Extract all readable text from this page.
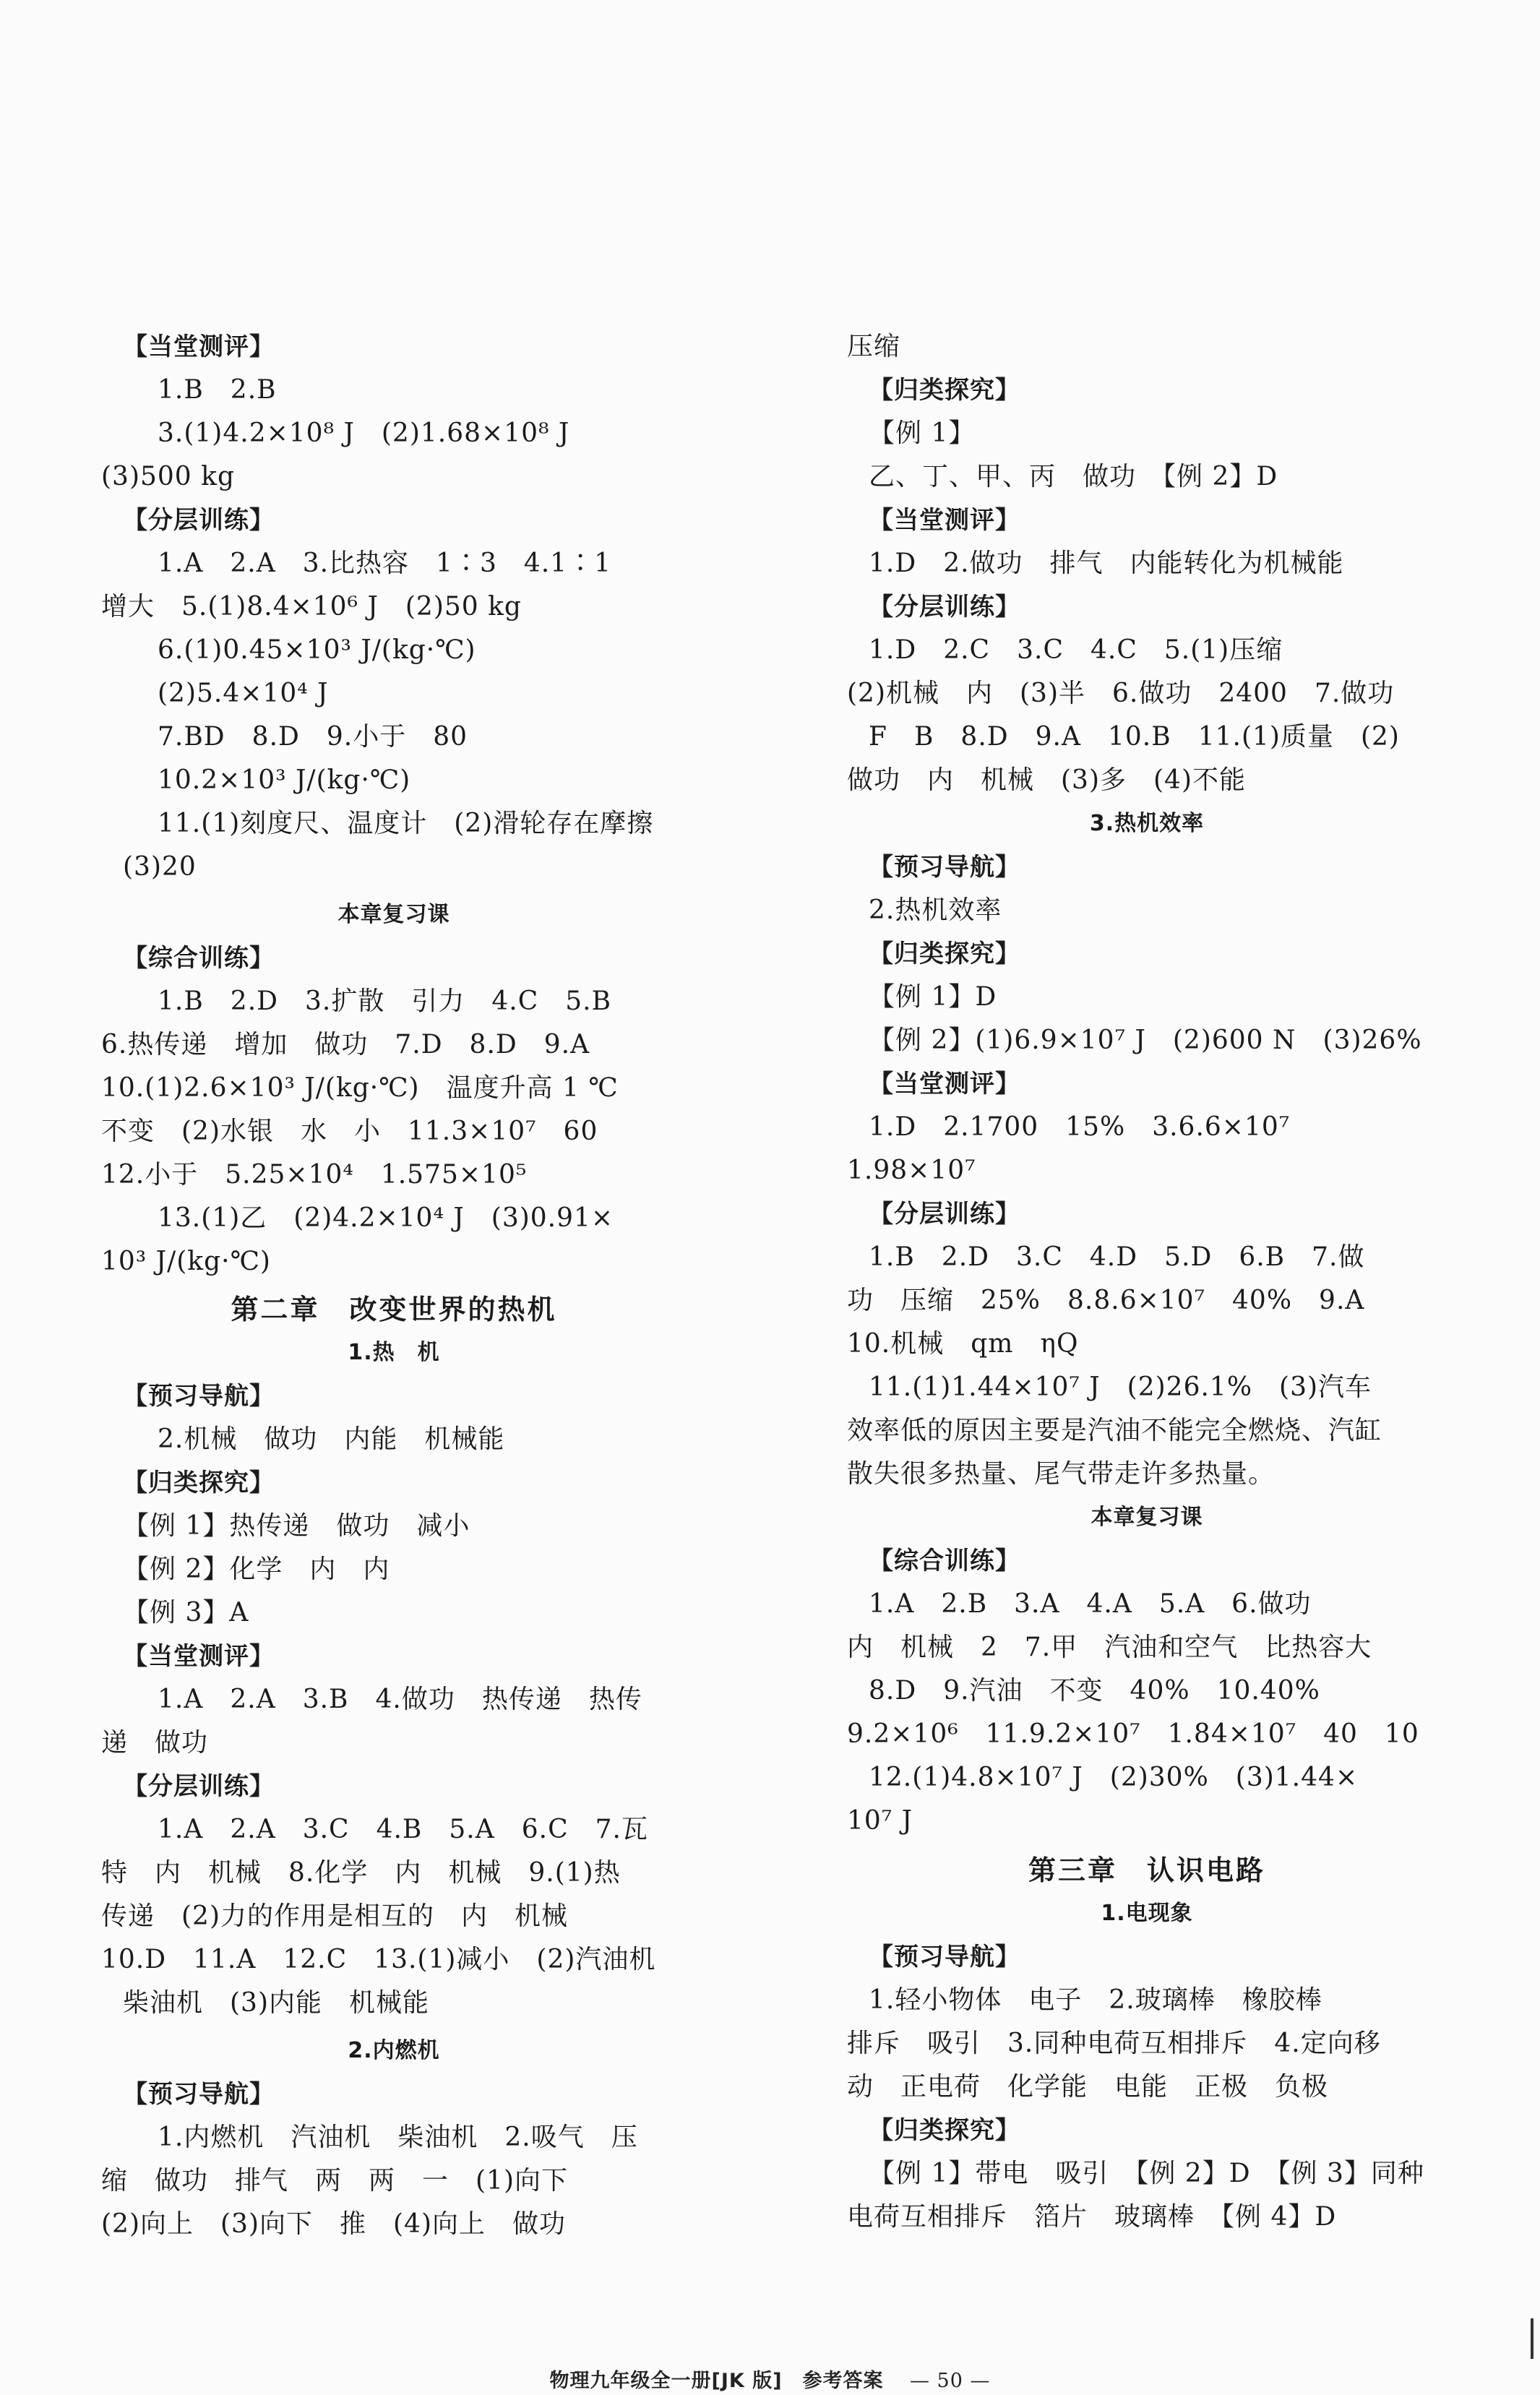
【当堂测评】
1.B　2.B
3.(1)4.2×10⁸ J　(2)1.68×10⁸ J
(3)500 kg
【分层训练】
1.A　2.A　3.比热容　1∶3　4.1∶1
增大　5.(1)8.4×10⁶ J　(2)50 kg
6.(1)0.45×10³ J/(kg·℃)
(2)5.4×10⁴ J
7.BD　8.D　9.小于　80
10.2×10³ J/(kg·℃)
11.(1)刻度尺、温度计　(2)滑轮存在摩擦
(3)20
本章复习课
【综合训练】
1.B　2.D　3.扩散　引力　4.C　5.B
6.热传递　增加　做功　7.D　8.D　9.A
10.(1)2.6×10³ J/(kg·℃)　温度升高 1 ℃
不变　(2)水银　水　小　11.3×10⁷　60
12.小于　5.25×10⁴　1.575×10⁵
13.(1)乙　(2)4.2×10⁴ J　(3)0.91×
10³ J/(kg·℃)
第二章　改变世界的热机
1.热　机
【预习导航】
2.机械　做功　内能　机械能
【归类探究】
【例 1】热传递　做功　减小
【例 2】化学　内　内
【例 3】A
【当堂测评】
1.A　2.A　3.B　4.做功　热传递　热传
递　做功
【分层训练】
1.A　2.A　3.C　4.B　5.A　6.C　7.瓦
特　内　机械　8.化学　内　机械　9.(1)热
传递　(2)力的作用是相互的　内　机械
10.D　11.A　12.C　13.(1)减小　(2)汽油机
柴油机　(3)内能　机械能
2.内燃机
【预习导航】
1.内燃机　汽油机　柴油机　2.吸气　压
缩　做功　排气　两　两　一　(1)向下
(2)向上　(3)向下　推　(4)向上　做功
压缩
【归类探究】
【例 1】
乙、丁、甲、丙　做功　【例 2】D
【当堂测评】
1.D　2.做功　排气　内能转化为机械能
【分层训练】
1.D　2.C　3.C　4.C　5.(1)压缩
(2)机械　内　(3)半　6.做功　2400　7.做功
F　B　8.D　9.A　10.B　11.(1)质量　(2)
做功　内　机械　(3)多　(4)不能
3.热机效率
【预习导航】
2.热机效率
【归类探究】
【例 1】D
【例 2】(1)6.9×10⁷ J　(2)600 N　(3)26%
【当堂测评】
1.D　2.1700　15%　3.6.6×10⁷
1.98×10⁷
【分层训练】
1.B　2.D　3.C　4.D　5.D　6.B　7.做
功　压缩　25%　8.8.6×10⁷　40%　9.A
10.机械　qm　ηQ
11.(1)1.44×10⁷ J　(2)26.1%　(3)汽车
效率低的原因主要是汽油不能完全燃烧、汽缸
散失很多热量、尾气带走许多热量。
本章复习课
【综合训练】
1.A　2.B　3.A　4.A　5.A　6.做功
内　机械　2　7.甲　汽油和空气　比热容大
8.D　9.汽油　不变　40%　10.40%
9.2×10⁶　11.9.2×10⁷　1.84×10⁷　40　10
12.(1)4.8×10⁷ J　(2)30%　(3)1.44×
10⁷ J
第三章　认识电路
1.电现象
【预习导航】
1.轻小物体　电子　2.玻璃棒　橡胶棒
排斥　吸引　3.同种电荷互相排斥　4.定向移
动　正电荷　化学能　电能　正极　负极
【归类探究】
【例 1】带电　吸引　【例 2】D　【例 3】同种
电荷互相排斥　箔片　玻璃棒　【例 4】D
物理九年级全一册[JK 版]　参考答案 — 50 —
